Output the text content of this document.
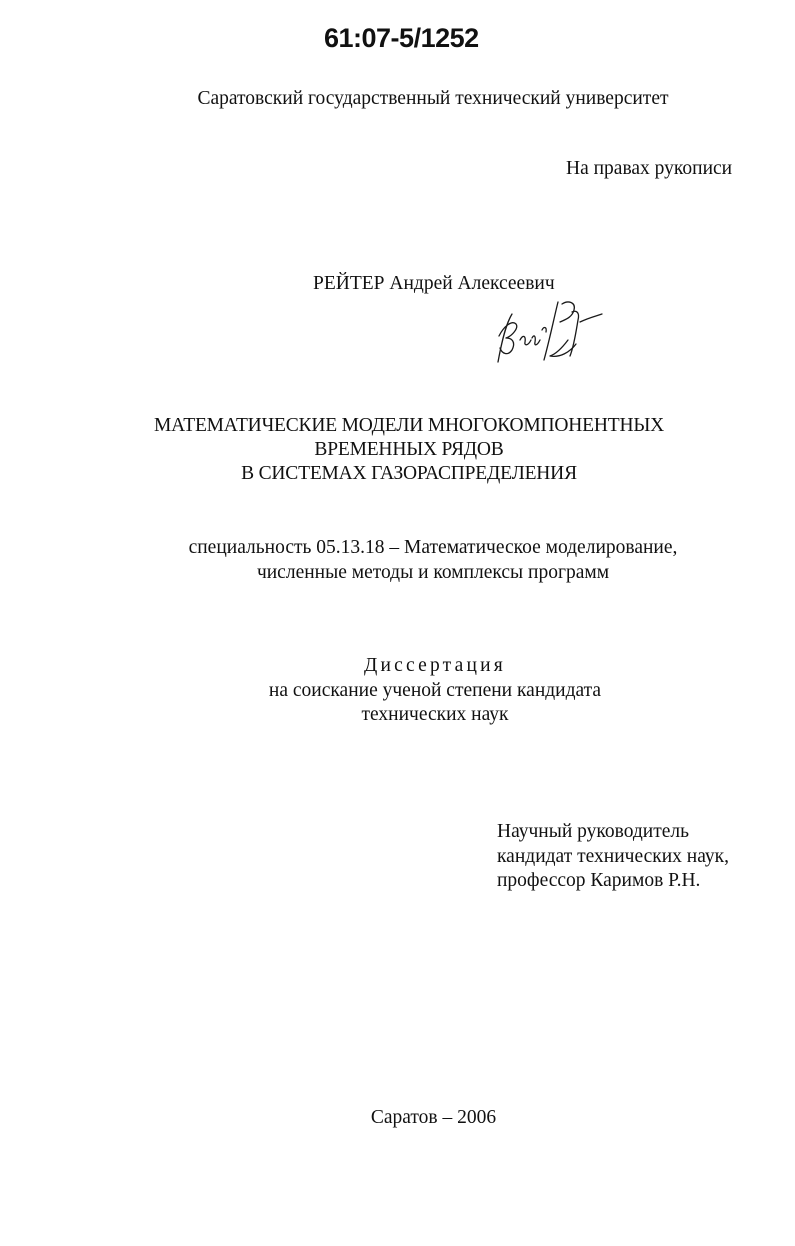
61:07-5/1252
Саратовский государственный технический университет
На правах рукописи
РЕЙТЕР Андрей Алексеевич
МАТЕМАТИЧЕСКИЕ МОДЕЛИ МНОГОКОМПОНЕНТНЫХ
ВРЕМЕННЫХ РЯДОВ
В СИСТЕМАХ ГАЗОРАСПРЕДЕЛЕНИЯ
специальность 05.13.18 – Математическое моделирование,
численные методы и комплексы программ
Диссертация
на соискание ученой степени кандидата
технических наук
Научный руководитель
кандидат технических наук,
профессор Каримов Р.Н.
Саратов – 2006
